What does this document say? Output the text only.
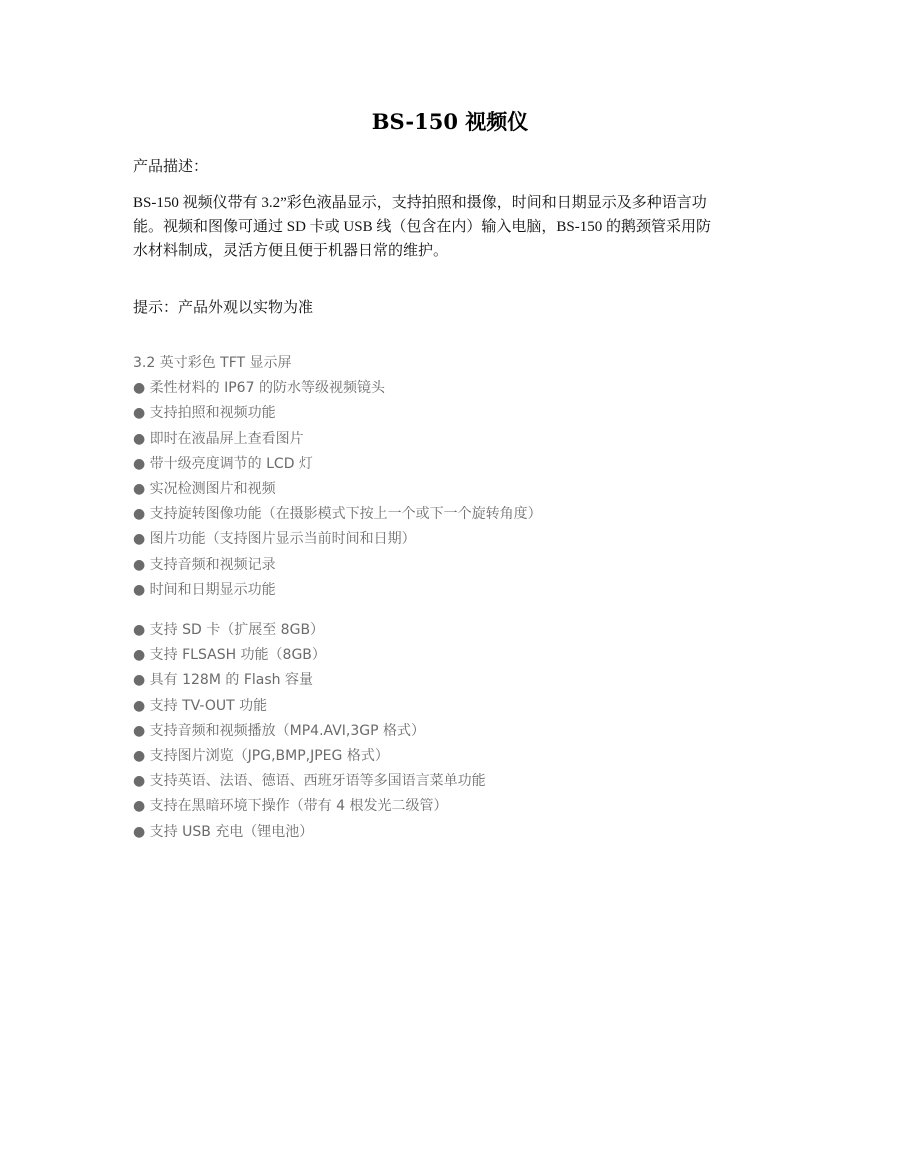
BS-150 视频仪

产品描述：

BS-150 视频仪带有 3.2”彩色液晶显示，支持拍照和摄像，时间和日期显示及多种语言功
能。视频和图像可通过 SD 卡或 USB 线（包含在内）输入电脑，BS-150 的鹅颈管采用防
水材料制成，灵活方便且便于机器日常的维护。

提示：产品外观以实物为准

3.2 英寸彩色 TFT 显示屏
● 柔性材料的 IP67 的防水等级视频镜头
● 支持拍照和视频功能
● 即时在液晶屏上查看图片
● 带十级亮度调节的 LCD 灯
● 实况检测图片和视频
● 支持旋转图像功能（在摄影模式下按上一个或下一个旋转角度）
● 图片功能（支持图片显示当前时间和日期）
● 支持音频和视频记录
● 时间和日期显示功能
● 支持 SD 卡（扩展至 8GB）
● 支持 FLSASH 功能（8GB）
● 具有 128M 的 Flash 容量
● 支持 TV-OUT 功能
● 支持音频和视频播放（MP4.AVI,3GP 格式）
● 支持图片浏览（JPG,BMP,JPEG 格式）
● 支持英语、法语、德语、西班牙语等多国语言菜单功能
● 支持在黑暗环境下操作（带有 4 根发光二级管）
● 支持 USB 充电（锂电池）
